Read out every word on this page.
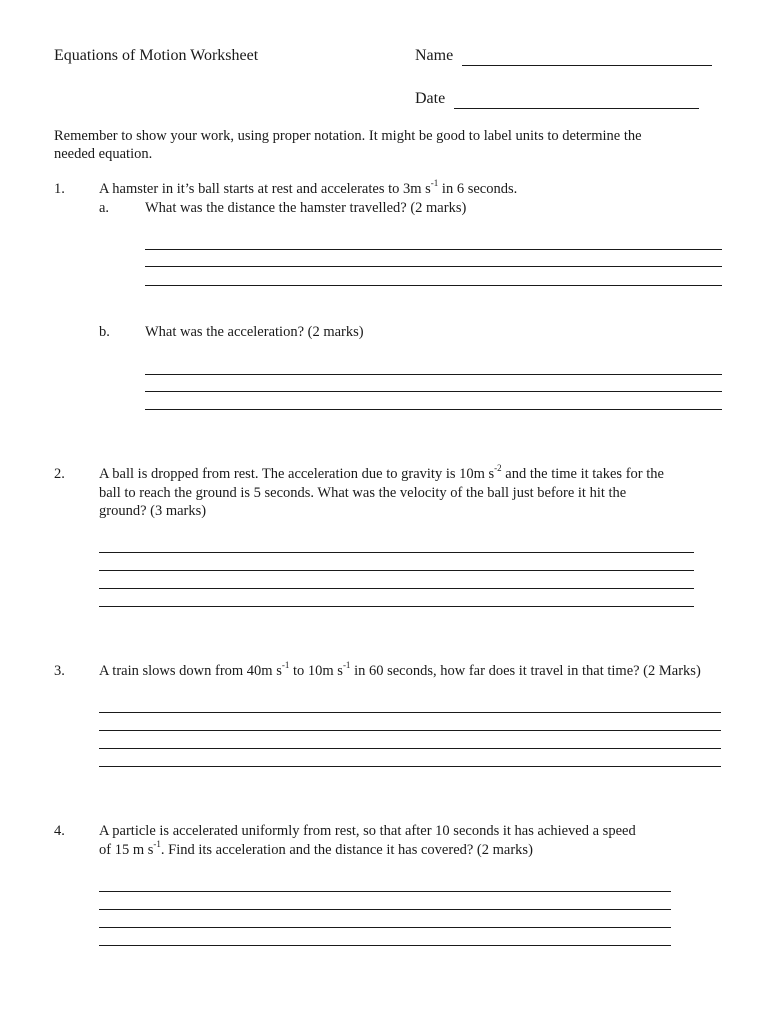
Equations of Motion Worksheet	Name
Date
Remember to show your work, using proper notation. It might be good to label units to determine the
needed equation.
1. A hamster in it’s ball starts at rest and accelerates to 3m $s^{-1}$ in 6 seconds.
a. What was the distance the hamster travelled? (2 marks)
b. What was the acceleration? (2 marks)
2. A ball is dropped from rest. The acceleration due to gravity is 10m $s^{-2}$ and the time it takes for the
ball to reach the ground is 5 seconds. What was the velocity of the ball just before it hit the
ground? (3 marks)
3. A train slows down from 40m $s^{-1}$ to 10m $s^{-1}$ in 60 seconds, how far does it travel in that time? (2 Marks)
4. A particle is accelerated uniformly from rest, so that after 10 seconds it has achieved a speed
of 15 m $s^{-1}$. Find its acceleration and the distance it has covered? (2 marks)
